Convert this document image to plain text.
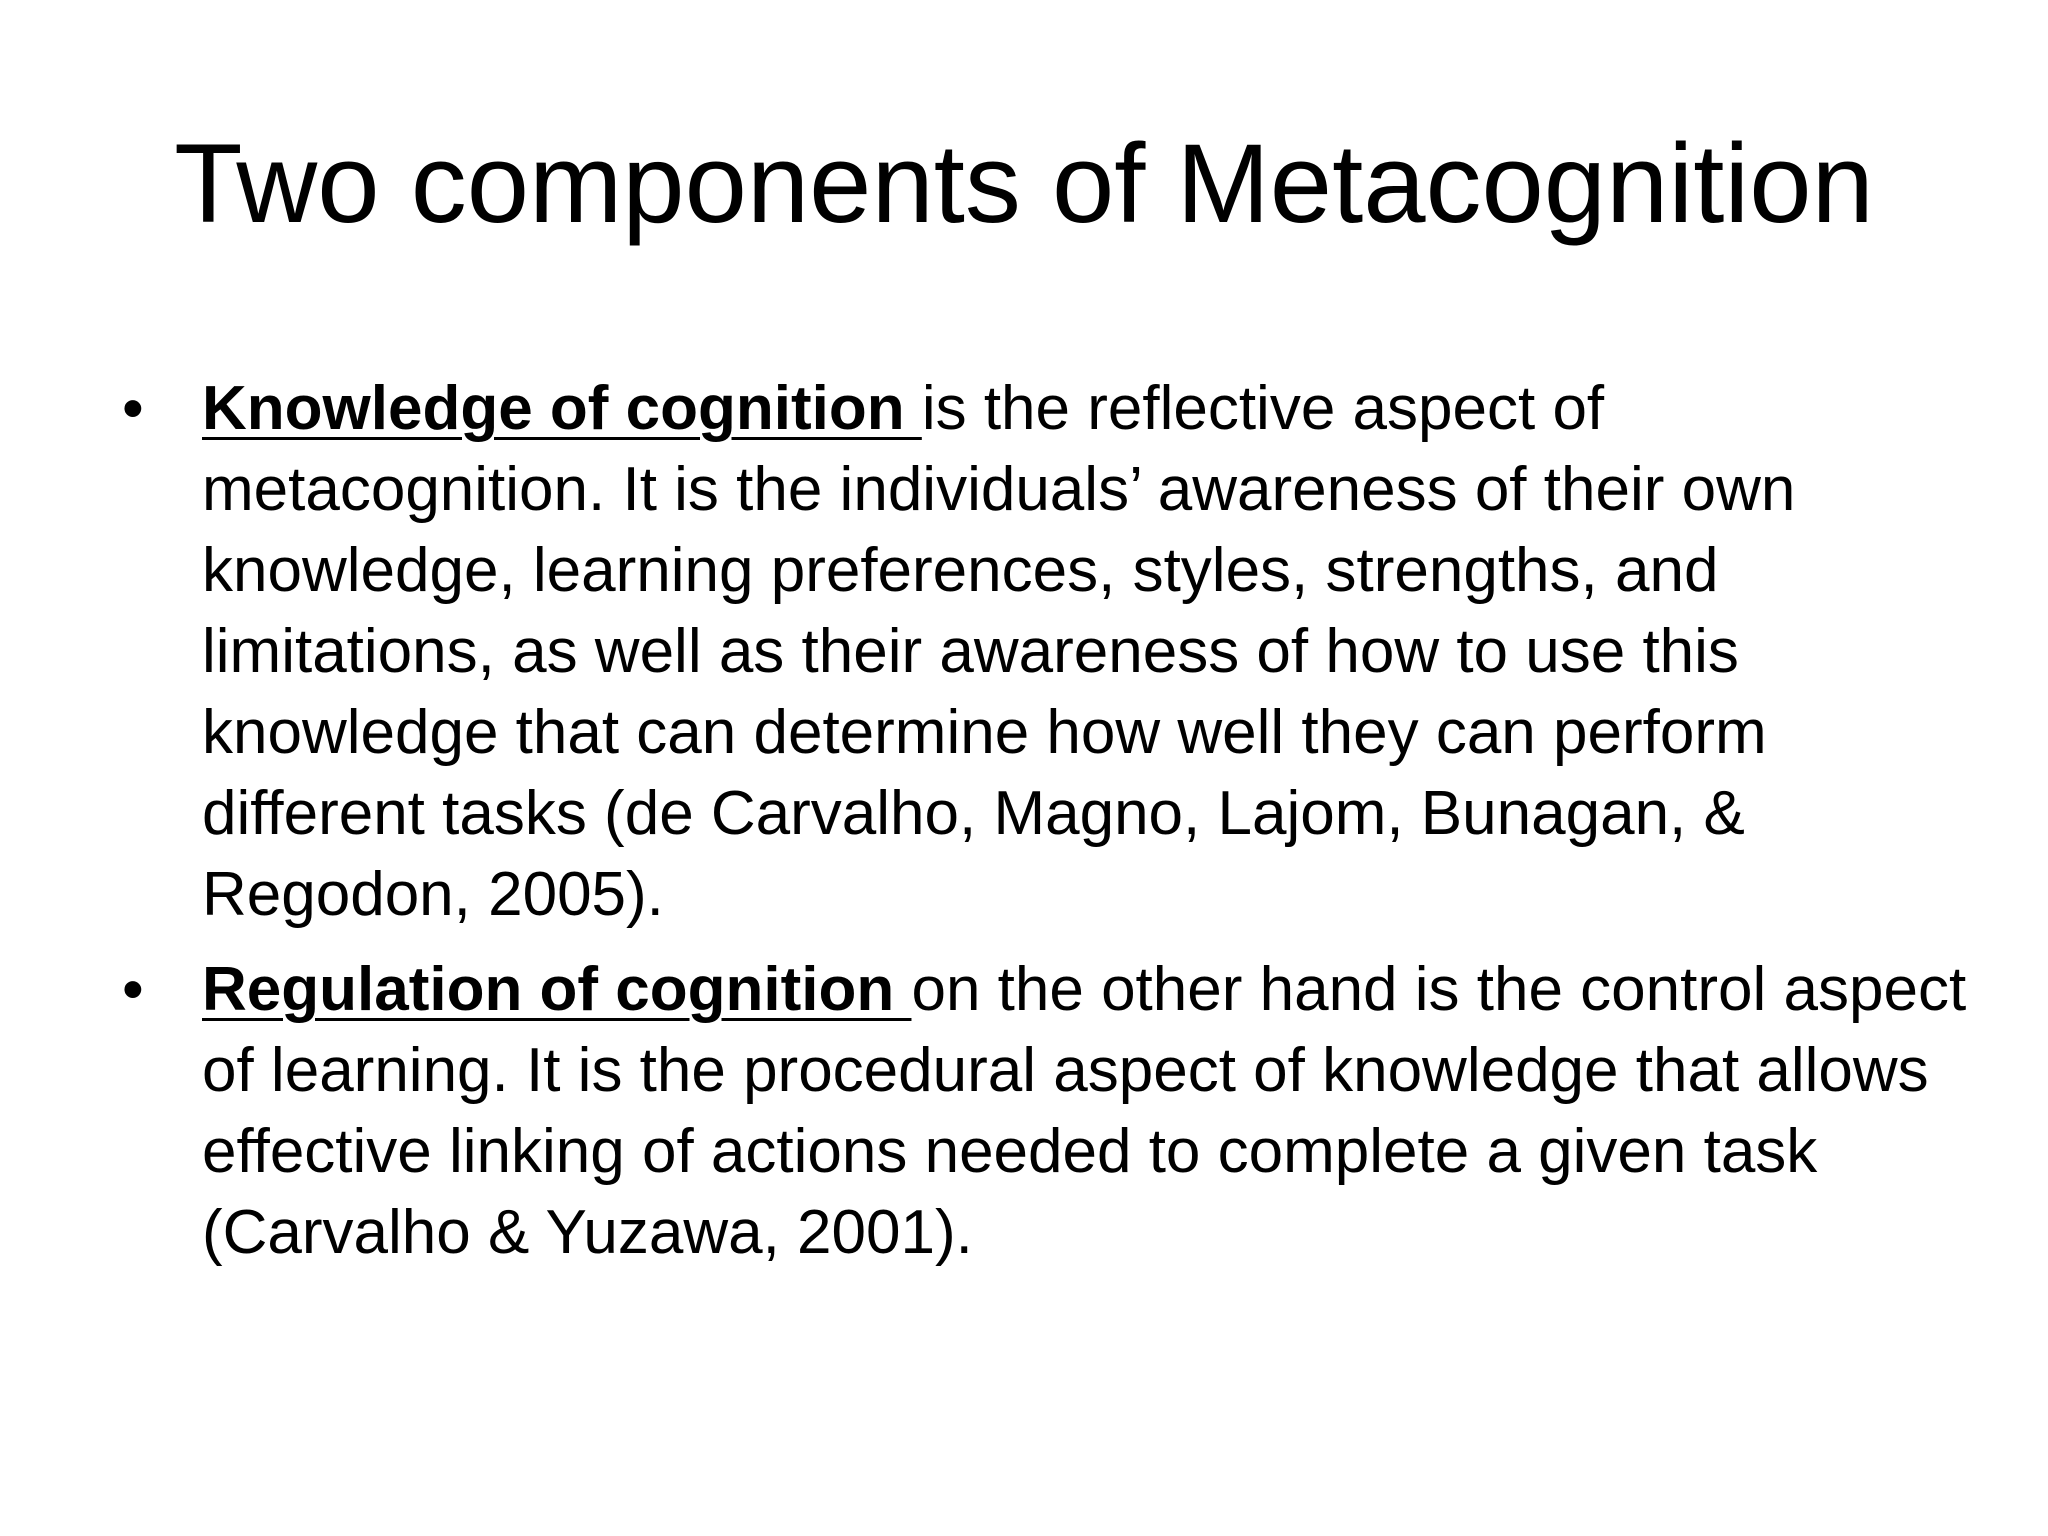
Two components of Metacognition
• Knowledge of cognition is the reflective aspect of metacognition. It is the individuals’ awareness of their own knowledge, learning preferences, styles, strengths, and limitations, as well as their awareness of how to use this knowledge that can determine how well they can perform different tasks (de Carvalho, Magno, Lajom, Bunagan, & Regodon, 2005).
• Regulation of cognition on the other hand is the control aspect of learning. It is the procedural aspect of knowledge that allows effective linking of actions needed to complete a given task (Carvalho & Yuzawa, 2001).
